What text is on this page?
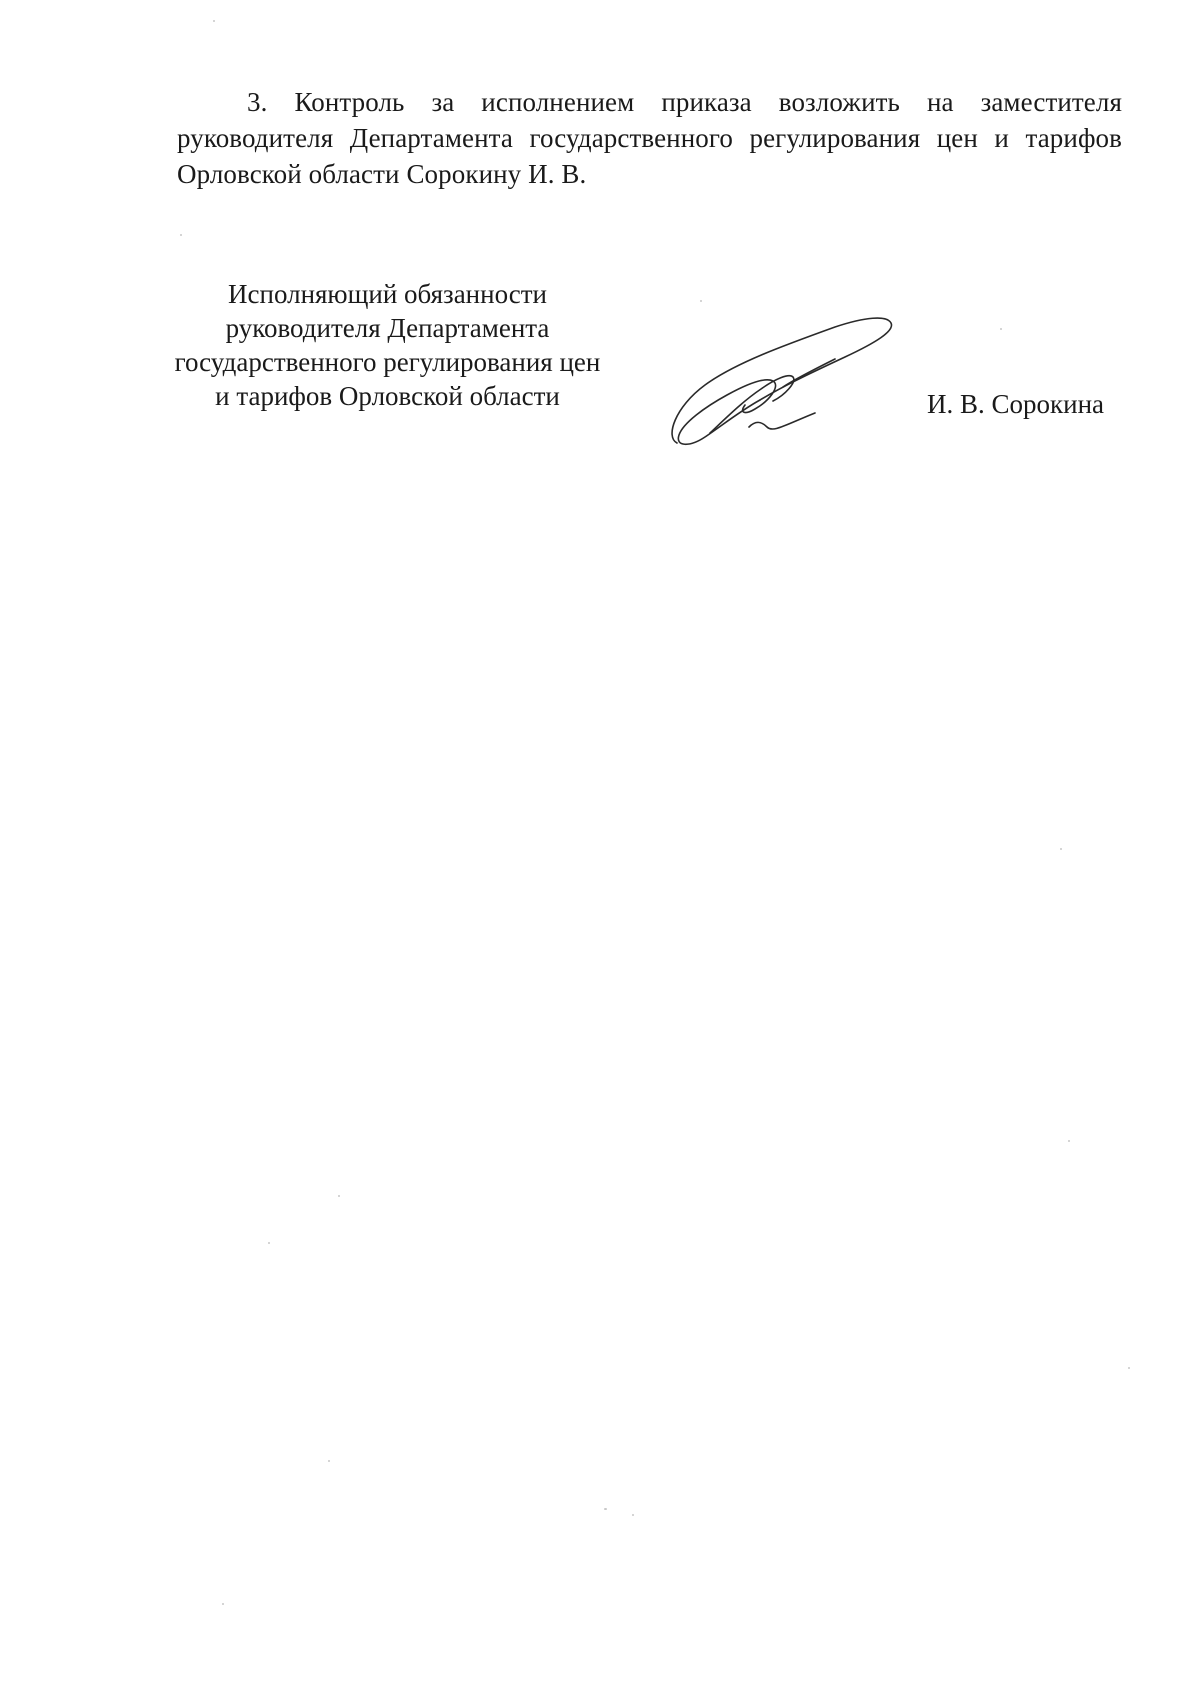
3. Контроль за исполнением приказа возложить на заместителя руководителя Департамента государственного регулирования цен и тарифов Орловской области Сорокину И. В.

Исполняющий обязанности
руководителя Департамента
государственного регулирования цен
и тарифов Орловской области	И. В. Сорокина
